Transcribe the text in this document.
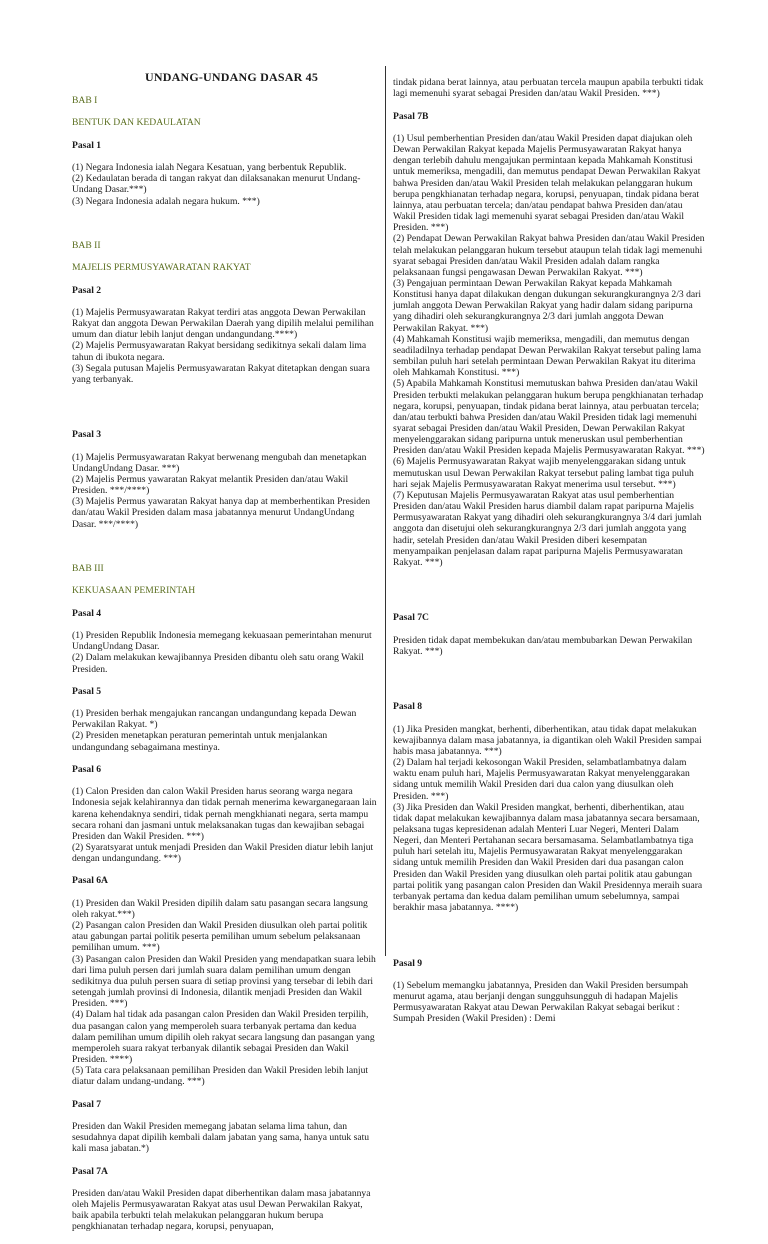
UNDANG-UNDANG DASAR 45

BAB I

BENTUK DAN KEDAULATAN

Pasal 1

(1) Negara Indonesia ialah Negara Kesatuan, yang berbentuk Republik.
(2) Kedaulatan berada di tangan rakyat dan dilaksanakan menurut Undang-Undang Dasar.***)
(3) Negara Indonesia adalah negara hukum. ***)

BAB II

MAJELIS PERMUSYAWARATAN RAKYAT

Pasal 2

(1) Majelis Permusyawaratan Rakyat terdiri atas anggota Dewan Perwakilan Rakyat dan anggota Dewan Perwakilan Daerah yang dipilih melalui pemilihan umum dan diatur lebih lanjut dengan undangundang.****)
(2) Majelis Permusyawaratan Rakyat bersidang sedikitnya sekali dalam lima tahun di ibukota negara.
(3) Segala putusan Majelis Permusyawaratan Rakyat ditetapkan dengan suara yang terbanyak.

Pasal 3

(1) Majelis Permusyawaratan Rakyat berwenang mengubah dan menetapkan UndangUndang Dasar. ***)
(2) Majelis Permus yawaratan Rakyat melantik Presiden dan/atau Wakil Presiden. ***/****)
(3) Majelis Permus yawaratan Rakyat hanya dap at memberhentikan Presiden dan/atau Wakil Presiden dalam masa jabatannya menurut UndangUndang Dasar. ***/****)

BAB III

KEKUASAAN PEMERINTAH

Pasal 4

(1) Presiden Republik Indonesia memegang kekuasaan pemerintahan menurut UndangUndang Dasar.
(2) Dalam melakukan kewajibannya Presiden dibantu oleh satu orang Wakil Presiden.

Pasal 5

(1) Presiden berhak mengajukan rancangan undangundang kepada Dewan Perwakilan Rakyat. *)
(2) Presiden menetapkan peraturan pemerintah untuk menjalankan undangundang sebagaimana mestinya.

Pasal 6

(1) Calon Presiden dan calon Wakil Presiden harus seorang warga negara Indonesia sejak kelahirannya dan tidak pernah menerima kewarganegaraan lain karena kehendaknya sendiri, tidak pernah mengkhianati negara, serta mampu secara rohani dan jasmani untuk melaksanakan tugas dan kewajiban sebagai Presiden dan Wakil Presiden. ***)
(2) Syaratsyarat untuk menjadi Presiden dan Wakil Presiden diatur lebih lanjut dengan undangundang. ***)

Pasal 6A

(1) Presiden dan Wakil Presiden dipilih dalam satu pasangan secara langsung oleh rakyat.***)
(2) Pasangan calon Presiden dan Wakil Presiden diusulkan oleh partai politik atau gabungan partai politik peserta pemilihan umum sebelum pelaksanaan pemilihan umum. ***)
(3) Pasangan calon Presiden dan Wakil Presiden yang mendapatkan suara lebih dari lima puluh persen dari jumlah suara dalam pemilihan umum dengan sedikitnya dua puluh persen suara di setiap provinsi yang tersebar di lebih dari setengah jumlah provinsi di Indonesia, dilantik menjadi Presiden dan Wakil Presiden. ***)
(4) Dalam hal tidak ada pasangan calon Presiden dan Wakil Presiden terpilih, dua pasangan calon yang memperoleh suara terbanyak pertama dan kedua dalam pemilihan umum dipilih oleh rakyat secara langsung dan pasangan yang memperoleh suara rakyat terbanyak dilantik sebagai Presiden dan Wakil Presiden. ****)
(5) Tata cara pelaksanaan pemilihan Presiden dan Wakil Presiden lebih lanjut diatur dalam undang-undang. ***)

Pasal 7

Presiden dan Wakil Presiden memegang jabatan selama lima tahun, dan sesudahnya dapat dipilih kembali dalam jabatan yang sama, hanya untuk satu kali masa jabatan.*)

Pasal 7A

Presiden dan/atau Wakil Presiden dapat diberhentikan dalam masa jabatannya oleh Majelis Permusyawaratan Rakyat atas usul Dewan Perwakilan Rakyat, baik apabila terbukti telah melakukan pelanggaran hukum berupa pengkhianatan terhadap negara, korupsi, penyuapan,

tindak pidana berat lainnya, atau perbuatan tercela maupun apabila terbukti tidak lagi memenuhi syarat sebagai Presiden dan/atau Wakil Presiden. ***)

Pasal 7B

(1) Usul pemberhentian Presiden dan/atau Wakil Presiden dapat diajukan oleh Dewan Perwakilan Rakyat kepada Majelis Permusyawaratan Rakyat hanya dengan terlebih dahulu mengajukan permintaan kepada Mahkamah Konstitusi untuk memeriksa, mengadili, dan memutus pendapat Dewan Perwakilan Rakyat bahwa Presiden dan/atau Wakil Presiden telah melakukan pelanggaran hukum berupa pengkhianatan terhadap negara, korupsi, penyuapan, tindak pidana berat lainnya, atau perbuatan tercela; dan/atau pendapat bahwa Presiden dan/atau Wakil Presiden tidak lagi memenuhi syarat sebagai Presiden dan/atau Wakil Presiden. ***)
(2) Pendapat Dewan Perwakilan Rakyat bahwa Presiden dan/atau Wakil Presiden telah melakukan pelanggaran hukum tersebut ataupun telah tidak lagi memenuhi syarat sebagai Presiden dan/atau Wakil Presiden adalah dalam rangka pelaksanaan fungsi pengawasan Dewan Perwakilan Rakyat. ***)
(3) Pengajuan permintaan Dewan Perwakilan Rakyat kepada Mahkamah Konstitusi hanya dapat dilakukan dengan dukungan sekurangkurangnya 2/3 dari jumlah anggota Dewan Perwakilan Rakyat yang hadir dalam sidang paripurna yang dihadiri oleh sekurangkurangnya 2/3 dari jumlah anggota Dewan Perwakilan Rakyat. ***)
(4) Mahkamah Konstitusi wajib memeriksa, mengadili, dan memutus dengan seadiladilnya terhadap pendapat Dewan Perwakilan Rakyat tersebut paling lama sembilan puluh hari setelah permintaan Dewan Perwakilan Rakyat itu diterima oleh Mahkamah Konstitusi. ***)
(5) Apabila Mahkamah Konstitusi memutuskan bahwa Presiden dan/atau Wakil Presiden terbukti melakukan pelanggaran hukum berupa pengkhianatan terhadap negara, korupsi, penyuapan, tindak pidana berat lainnya, atau perbuatan tercela; dan/atau terbukti bahwa Presiden dan/atau Wakil Presiden tidak lagi memenuhi syarat sebagai Presiden dan/atau Wakil Presiden, Dewan Perwakilan Rakyat menyelenggarakan sidang paripurna untuk meneruskan usul pemberhentian Presiden dan/atau Wakil Presiden kepada Majelis Permusyawaratan Rakyat. ***)
(6) Majelis Permusyawaratan Rakyat wajib menyelenggarakan sidang untuk memutuskan usul Dewan Perwakilan Rakyat tersebut paling lambat tiga puluh hari sejak Majelis Permusyawaratan Rakyat menerima usul tersebut. ***)
(7) Keputusan Majelis Permusyawaratan Rakyat atas usul pemberhentian Presiden dan/atau Wakil Presiden harus diambil dalam rapat paripurna Majelis Permusyawaratan Rakyat yang dihadiri oleh sekurangkurangnya 3/4 dari jumlah anggota dan disetujui oleh sekurangkurangnya 2/3 dari jumlah anggota yang hadir, setelah Presiden dan/atau Wakil Presiden diberi kesempatan menyampaikan penjelasan dalam rapat paripurna Majelis Permusyawaratan Rakyat. ***)

Pasal 7C

Presiden tidak dapat membekukan dan/atau membubarkan Dewan Perwakilan Rakyat. ***)

Pasal 8

(1) Jika Presiden mangkat, berhenti, diberhentikan, atau tidak dapat melakukan kewajibannya dalam masa jabatannya, ia digantikan oleh Wakil Presiden sampai habis masa jabatannya. ***)
(2) Dalam hal terjadi kekosongan Wakil Presiden, selambatlambatnya dalam waktu enam puluh hari, Majelis Permusyawaratan Rakyat menyelenggarakan sidang untuk memilih Wakil Presiden dari dua calon yang diusulkan oleh Presiden. ***)
(3) Jika Presiden dan Wakil Presiden mangkat, berhenti, diberhentikan, atau tidak dapat melakukan kewajibannya dalam masa jabatannya secara bersamaan, pelaksana tugas kepresidenan adalah Menteri Luar Negeri, Menteri Dalam Negeri, dan Menteri Pertahanan secara bersamasama. Selambatlambatnya tiga puluh hari setelah itu, Majelis Permusyawaratan Rakyat menyelenggarakan sidang untuk memilih Presiden dan Wakil Presiden dari dua pasangan calon Presiden dan Wakil Presiden yang diusulkan oleh partai politik atau gabungan partai politik yang pasangan calon Presiden dan Wakil Presidennya meraih suara terbanyak pertama dan kedua dalam pemilihan umum sebelumnya, sampai berakhir masa jabatannya. ****)

Pasal 9

(1) Sebelum memangku jabatannya, Presiden dan Wakil Presiden bersumpah menurut agama, atau berjanji dengan sungguhsungguh di hadapan Majelis Permusyawaratan Rakyat atau Dewan Perwakilan Rakyat sebagai berikut : Sumpah Presiden (Wakil Presiden) : Demi
